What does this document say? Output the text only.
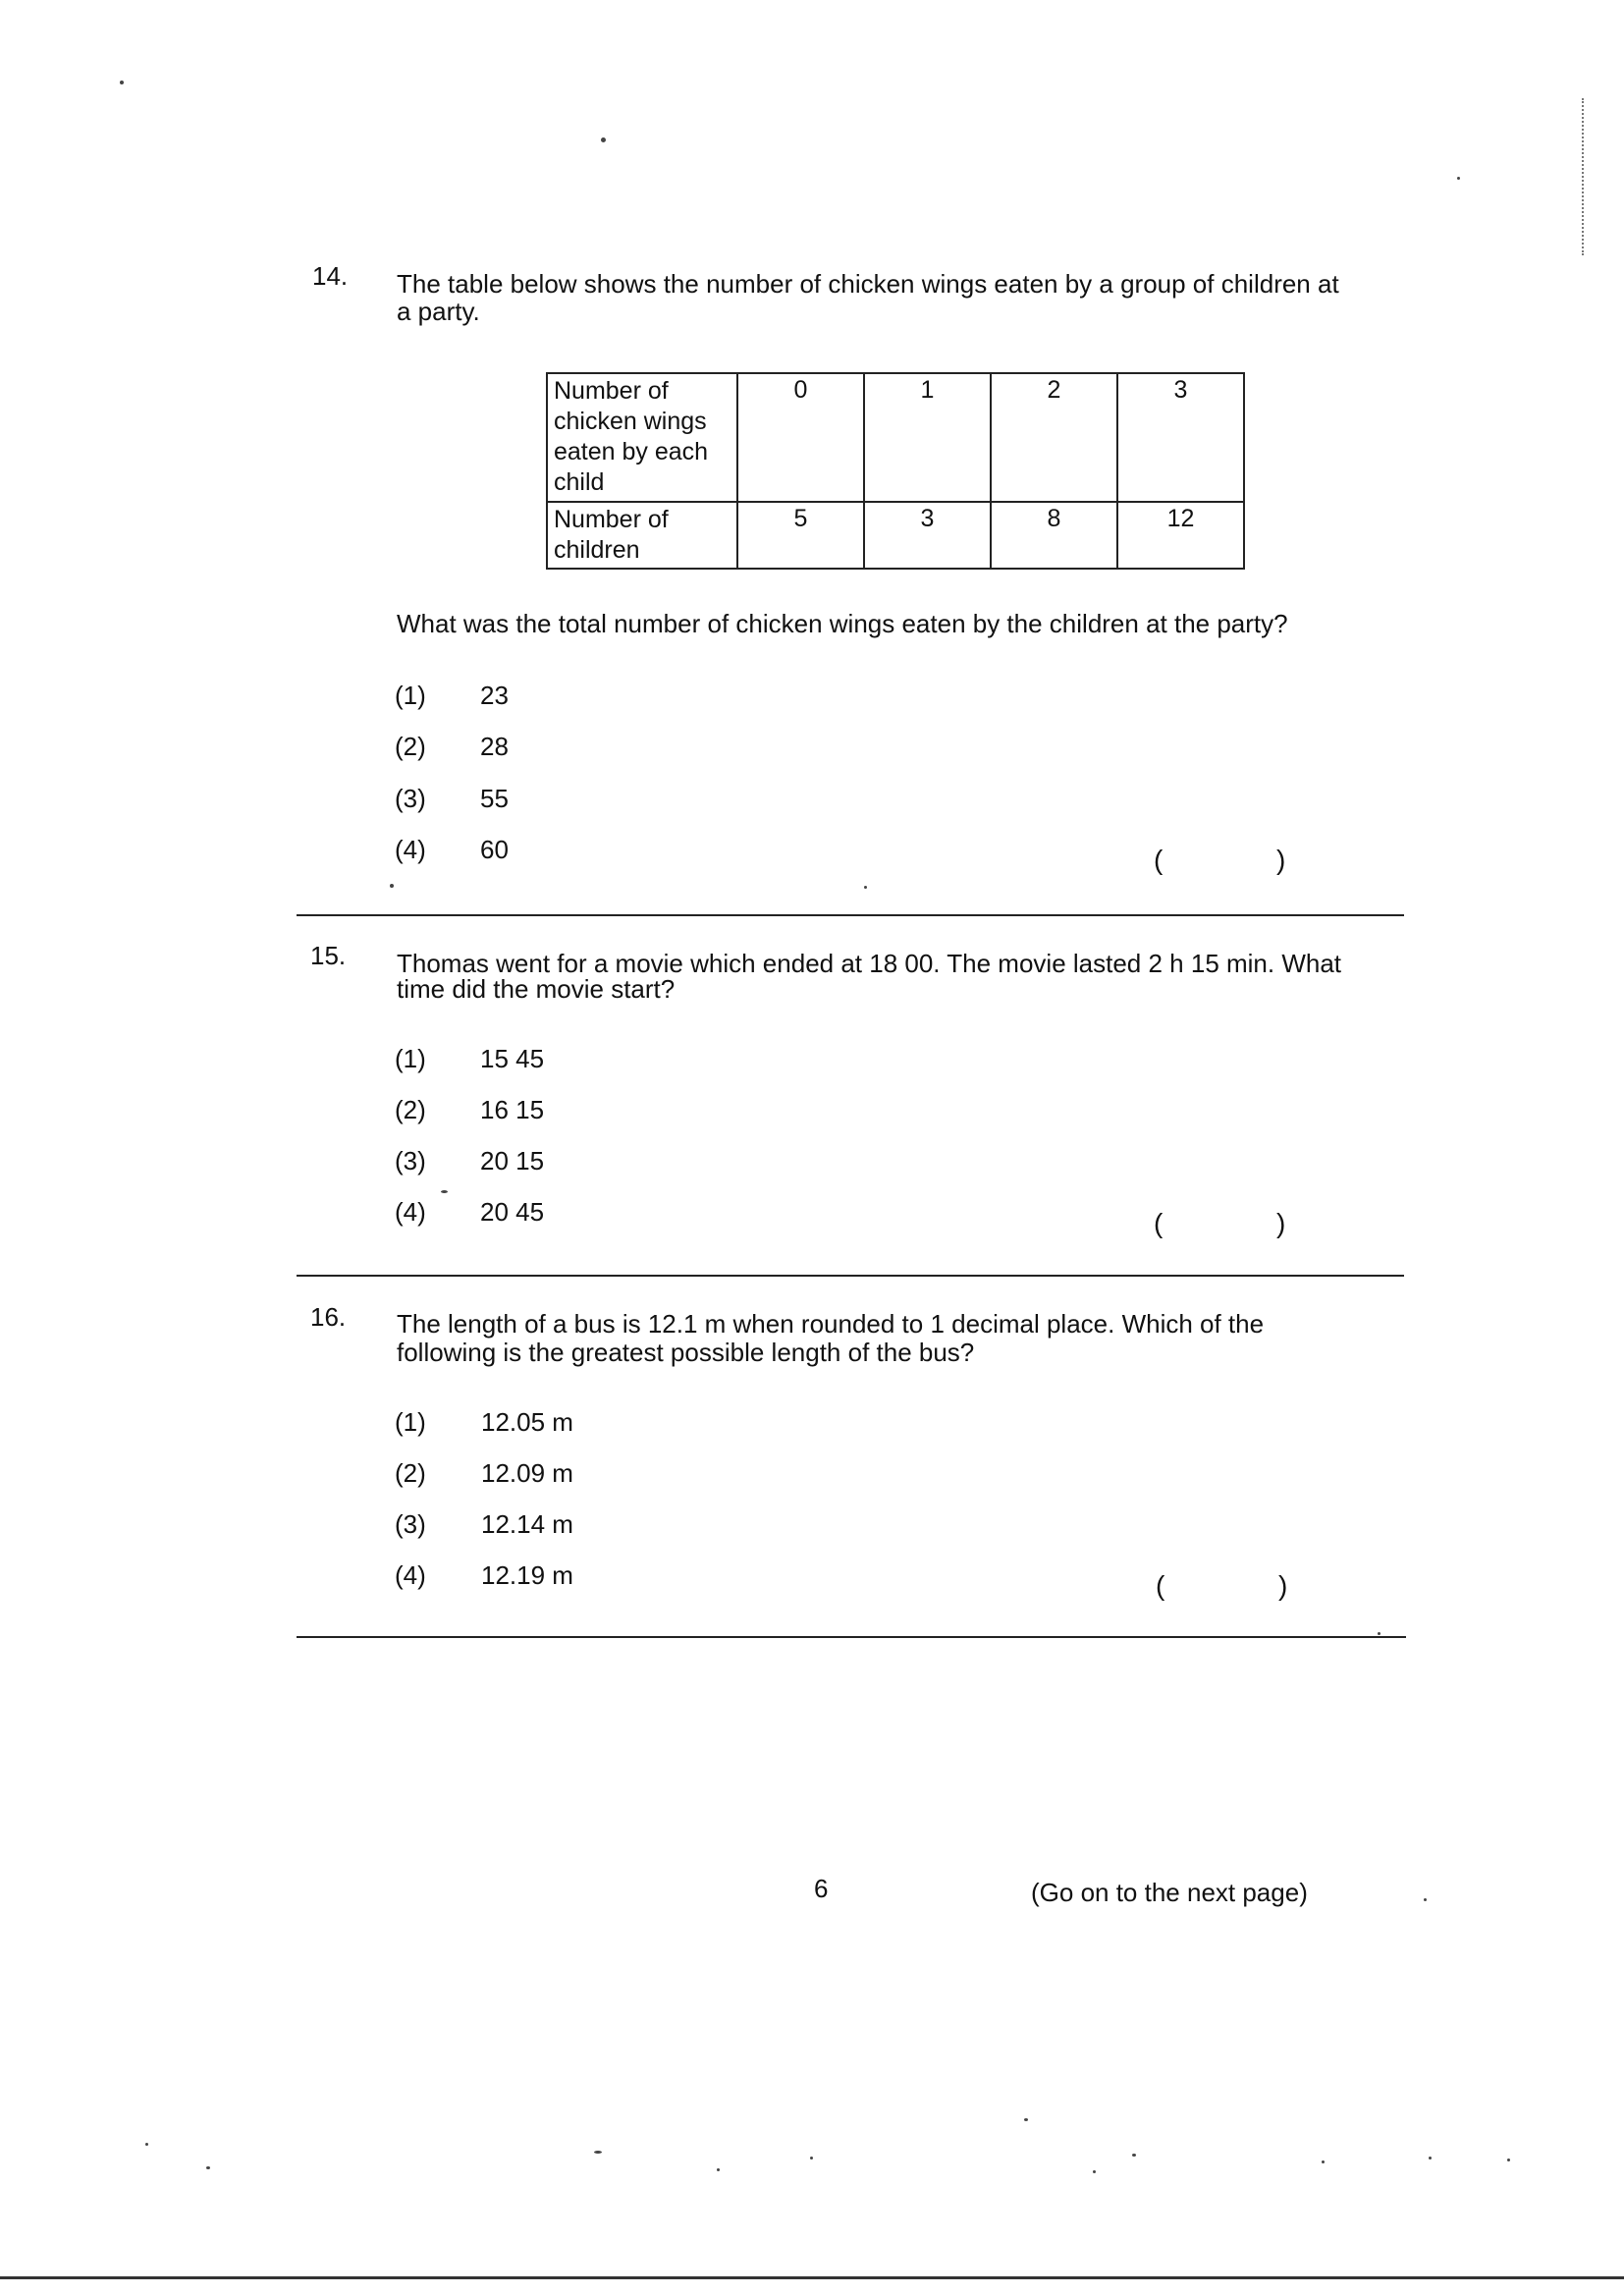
14. The table below shows the number of chicken wings eaten by a group of children at
a party.
Number of chicken wings eaten by each child	0	1	2	3
Number of children	5	3	8	12
What was the total number of chicken wings eaten by the children at the party?
(1) 23
(2) 28
(3) 55
(4) 60	(	)
15. Thomas went for a movie which ended at 18 00. The movie lasted 2 h 15 min. What
time did the movie start?
(1) 15 45
(2) 16 15
(3) 20 15
(4) 20 45	(	)
16. The length of a bus is 12.1 m when rounded to 1 decimal place. Which of the
following is the greatest possible length of the bus?
(1) 12.05 m
(2) 12.09 m
(3) 12.14 m
(4) 12.19 m	(	)
6	(Go on to the next page)
